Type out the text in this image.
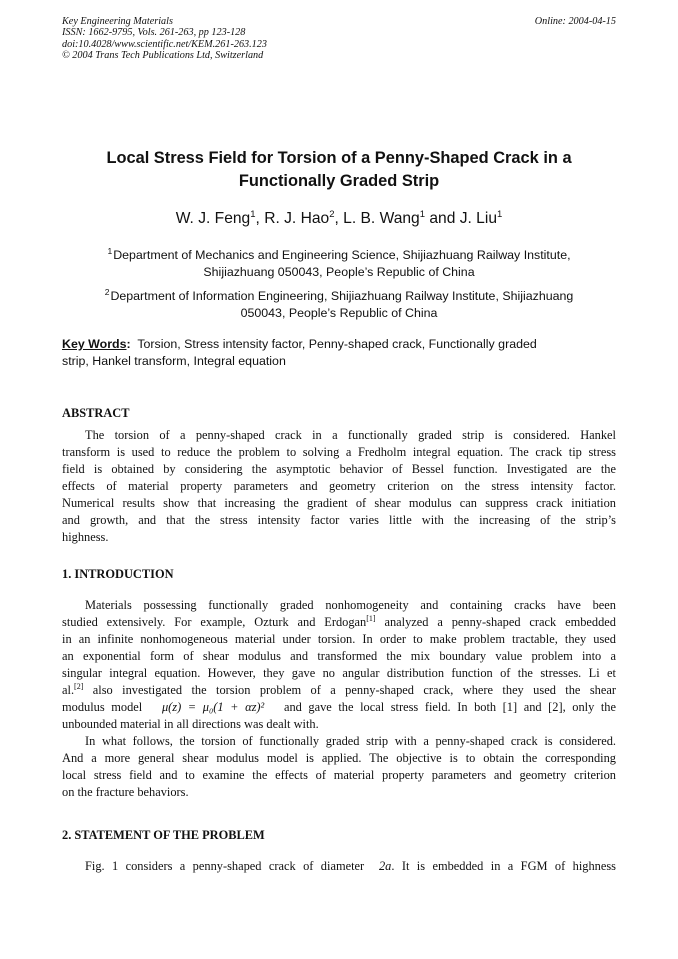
Key Engineering Materials
ISSN: 1662-9795, Vols. 261-263, pp 123-128
doi:10.4028/www.scientific.net/KEM.261-263.123
© 2004 Trans Tech Publications Ltd, Switzerland
Online: 2004-04-15
Local Stress Field for Torsion of a Penny-Shaped Crack in a
Functionally Graded Strip
W. J. Feng$^1$, R. J. Hao$^2$, L. B. Wang$^1$ and J. Liu$^1$
$^1$Department of Mechanics and Engineering Science, Shijiazhuang Railway Institute,
Shijiazhuang 050043, People’s Republic of China
$^2$Department of Information Engineering, Shijiazhuang Railway Institute, Shijiazhuang
050043, People’s Republic of China
Key Words: Torsion, Stress intensity factor, Penny-shaped crack, Functionally graded
strip, Hankel transform, Integral equation
ABSTRACT
The torsion of a penny-shaped crack in a functionally graded strip is considered. Hankel
transform is used to reduce the problem to solving a Fredholm integral equation. The crack tip stress
field is obtained by considering the asymptotic behavior of Bessel function. Investigated are the
effects of material property parameters and geometry criterion on the stress intensity factor.
Numerical results show that increasing the gradient of shear modulus can suppress crack initiation
and growth, and that the stress intensity factor varies little with the increasing of the strip’s
highness.
1. INTRODUCTION
Materials possessing functionally graded nonhomogeneity and containing cracks have been
studied extensively. For example, Ozturk and Erdogan[1] analyzed a penny-shaped crack embedded
in an infinite nonhomogeneous material under torsion. In order to make problem tractable, they used
an exponential form of shear modulus and transformed the mix boundary value problem into a
singular integral equation. However, they gave no angular distribution function of the stresses. Li et
al.[2] also investigated the torsion problem of a penny-shaped crack, where they used the shear
modulus model μ(z) = μ₀(1 + αz)² and gave the local stress field. In both [1] and [2], only the
unbounded material in all directions was dealt with.
In what follows, the torsion of functionally graded strip with a penny-shaped crack is considered.
And a more general shear modulus model is applied. The objective is to obtain the corresponding
local stress field and to examine the effects of material property parameters and geometry criterion
on the fracture behaviors.
2. STATEMENT OF THE PROBLEM
Fig. 1 considers a penny-shaped crack of diameter 2a. It is embedded in a FGM of highness
